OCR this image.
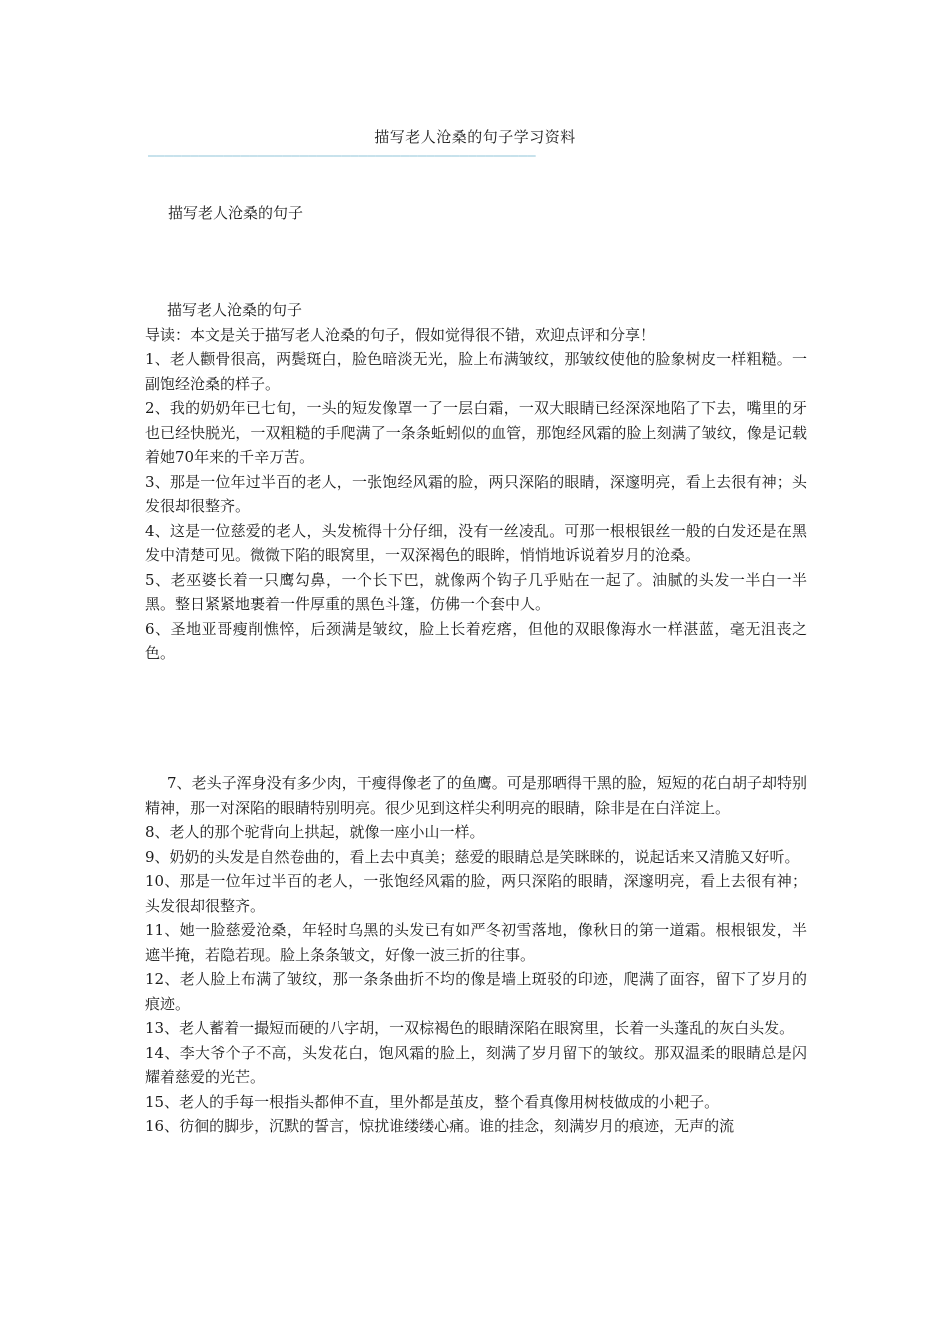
描写老人沧桑的句子学习资料
——————————————————————————————————————————————
描写老人沧桑的句子

描写老人沧桑的句子

导读：本文是关于描写老人沧桑的句子，假如觉得很不错，欢迎点评和分享！

1、老人颧骨很高，两鬓斑白，脸色暗淡无光，脸上布满皱纹，那皱纹使他的脸象树皮一样粗糙。一副饱经沧桑的样子。

2、我的奶奶年已七旬，一头的短发像罩一了一层白霜，一双大眼睛已经深深地陷了下去，嘴里的牙也已经快脱光，一双粗糙的手爬满了一条条蚯蚓似的血管，那饱经风霜的脸上刻满了皱纹，像是记载着她70年来的千辛万苦。

3、那是一位年过半百的老人，一张饱经风霜的脸，两只深陷的眼睛，深邃明亮，看上去很有神；头发很却很整齐。

4、这是一位慈爱的老人，头发梳得十分仔细，没有一丝凌乱。可那一根根银丝一般的白发还是在黑发中清楚可见。微微下陷的眼窝里，一双深褐色的眼眸，悄悄地诉说着岁月的沧桑。

5、老巫婆长着一只鹰勾鼻，一个长下巴，就像两个钩子几乎贴在一起了。油腻的头发一半白一半黑。整日紧紧地裹着一件厚重的黑色斗篷，仿佛一个套中人。

6、圣地亚哥瘦削憔悴，后颈满是皱纹，脸上长着疙瘩，但他的双眼像海水一样湛蓝，毫无沮丧之色。

7、老头子浑身没有多少肉，干瘦得像老了的鱼鹰。可是那晒得干黑的脸，短短的花白胡子却特别精神，那一对深陷的眼睛特别明亮。很少见到这样尖利明亮的眼睛，除非是在白洋淀上。

8、老人的那个驼背向上拱起，就像一座小山一样。

9、奶奶的头发是自然卷曲的，看上去中真美；慈爱的眼睛总是笑眯眯的，说起话来又清脆又好听。

10、那是一位年过半百的老人，一张饱经风霜的脸，两只深陷的眼睛，深邃明亮，看上去很有神；头发很却很整齐。

11、她一脸慈爱沧桑，年轻时乌黑的头发已有如严冬初雪落地，像秋日的第一道霜。根根银发，半遮半掩，若隐若现。脸上条条皱文，好像一波三折的往事。

12、老人脸上布满了皱纹，那一条条曲折不均的像是墙上斑驳的印迹，爬满了面容，留下了岁月的痕迹。

13、老人蓄着一撮短而硬的八字胡，一双棕褐色的眼睛深陷在眼窝里，长着一头蓬乱的灰白头发。

14、李大爷个子不高，头发花白，饱风霜的脸上，刻满了岁月留下的皱纹。那双温柔的眼睛总是闪耀着慈爱的光芒。

15、老人的手每一根指头都伸不直，里外都是茧皮，整个看真像用树枝做成的小耙子。

16、彷徊的脚步，沉默的誓言，惊扰谁缕缕心痛。谁的挂念，刻满岁月的痕迹，无声的流
